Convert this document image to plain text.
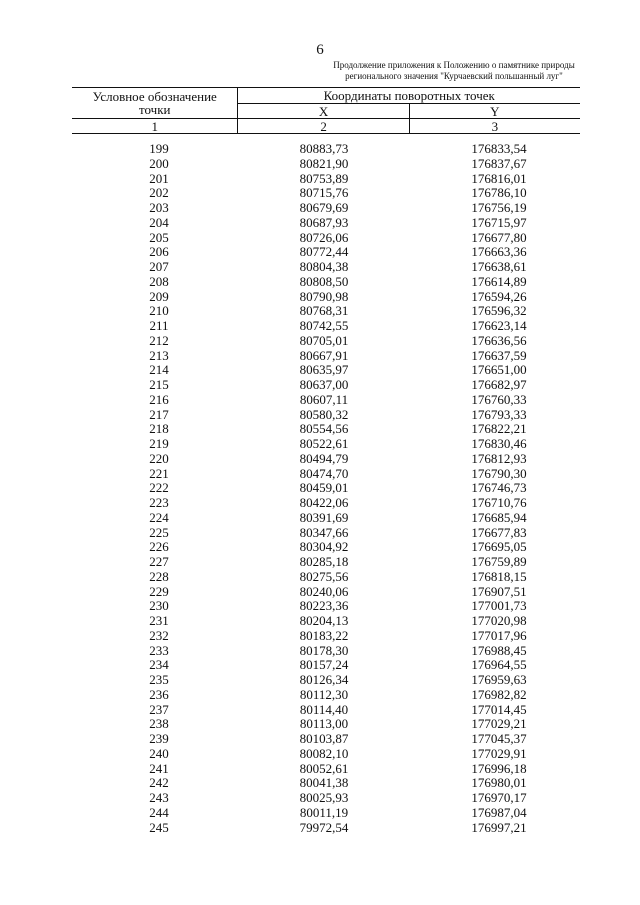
6
Продолжение приложения к Положению о памятнике природы
регионального значения "Курчаевский польшанный луг"
Условное обозначение
точки	Координаты поворотных точек	
	X	Y
1	2	3
199	80883,73	176833,54
200	80821,90	176837,67
201	80753,89	176816,01
202	80715,76	176786,10
203	80679,69	176756,19
204	80687,93	176715,97
205	80726,06	176677,80
206	80772,44	176663,36
207	80804,38	176638,61
208	80808,50	176614,89
209	80790,98	176594,26
210	80768,31	176596,32
211	80742,55	176623,14
212	80705,01	176636,56
213	80667,91	176637,59
214	80635,97	176651,00
215	80637,00	176682,97
216	80607,11	176760,33
217	80580,32	176793,33
218	80554,56	176822,21
219	80522,61	176830,46
220	80494,79	176812,93
221	80474,70	176790,30
222	80459,01	176746,73
223	80422,06	176710,76
224	80391,69	176685,94
225	80347,66	176677,83
226	80304,92	176695,05
227	80285,18	176759,89
228	80275,56	176818,15
229	80240,06	176907,51
230	80223,36	177001,73
231	80204,13	177020,98
232	80183,22	177017,96
233	80178,30	176988,45
234	80157,24	176964,55
235	80126,34	176959,63
236	80112,30	176982,82
237	80114,40	177014,45
238	80113,00	177029,21
239	80103,87	177045,37
240	80082,10	177029,91
241	80052,61	176996,18
242	80041,38	176980,01
243	80025,93	176970,17
244	80011,19	176987,04
245	79972,54	176997,21
